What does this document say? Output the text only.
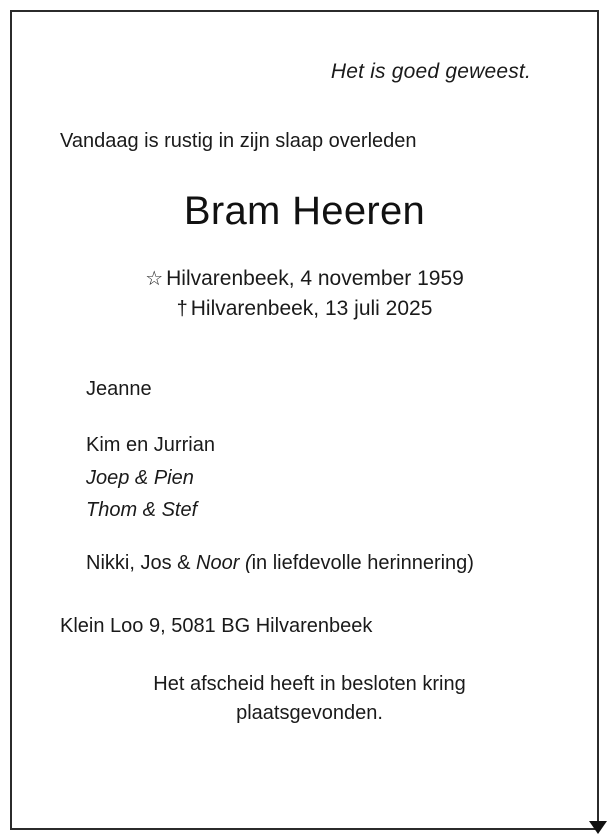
Het is goed geweest.
Vandaag is rustig in zijn slaap overleden
Bram Heeren
☆ Hilvarenbeek, 4 november 1959
† Hilvarenbeek, 13 juli 2025
Jeanne
Kim en Jurrian
Joep & Pien
Thom & Stef
Nikki, Jos & Noor (in liefdevolle herinnering)
Klein Loo 9, 5081 BG Hilvarenbeek
Het afscheid heeft in besloten kring
plaatsgevonden.
